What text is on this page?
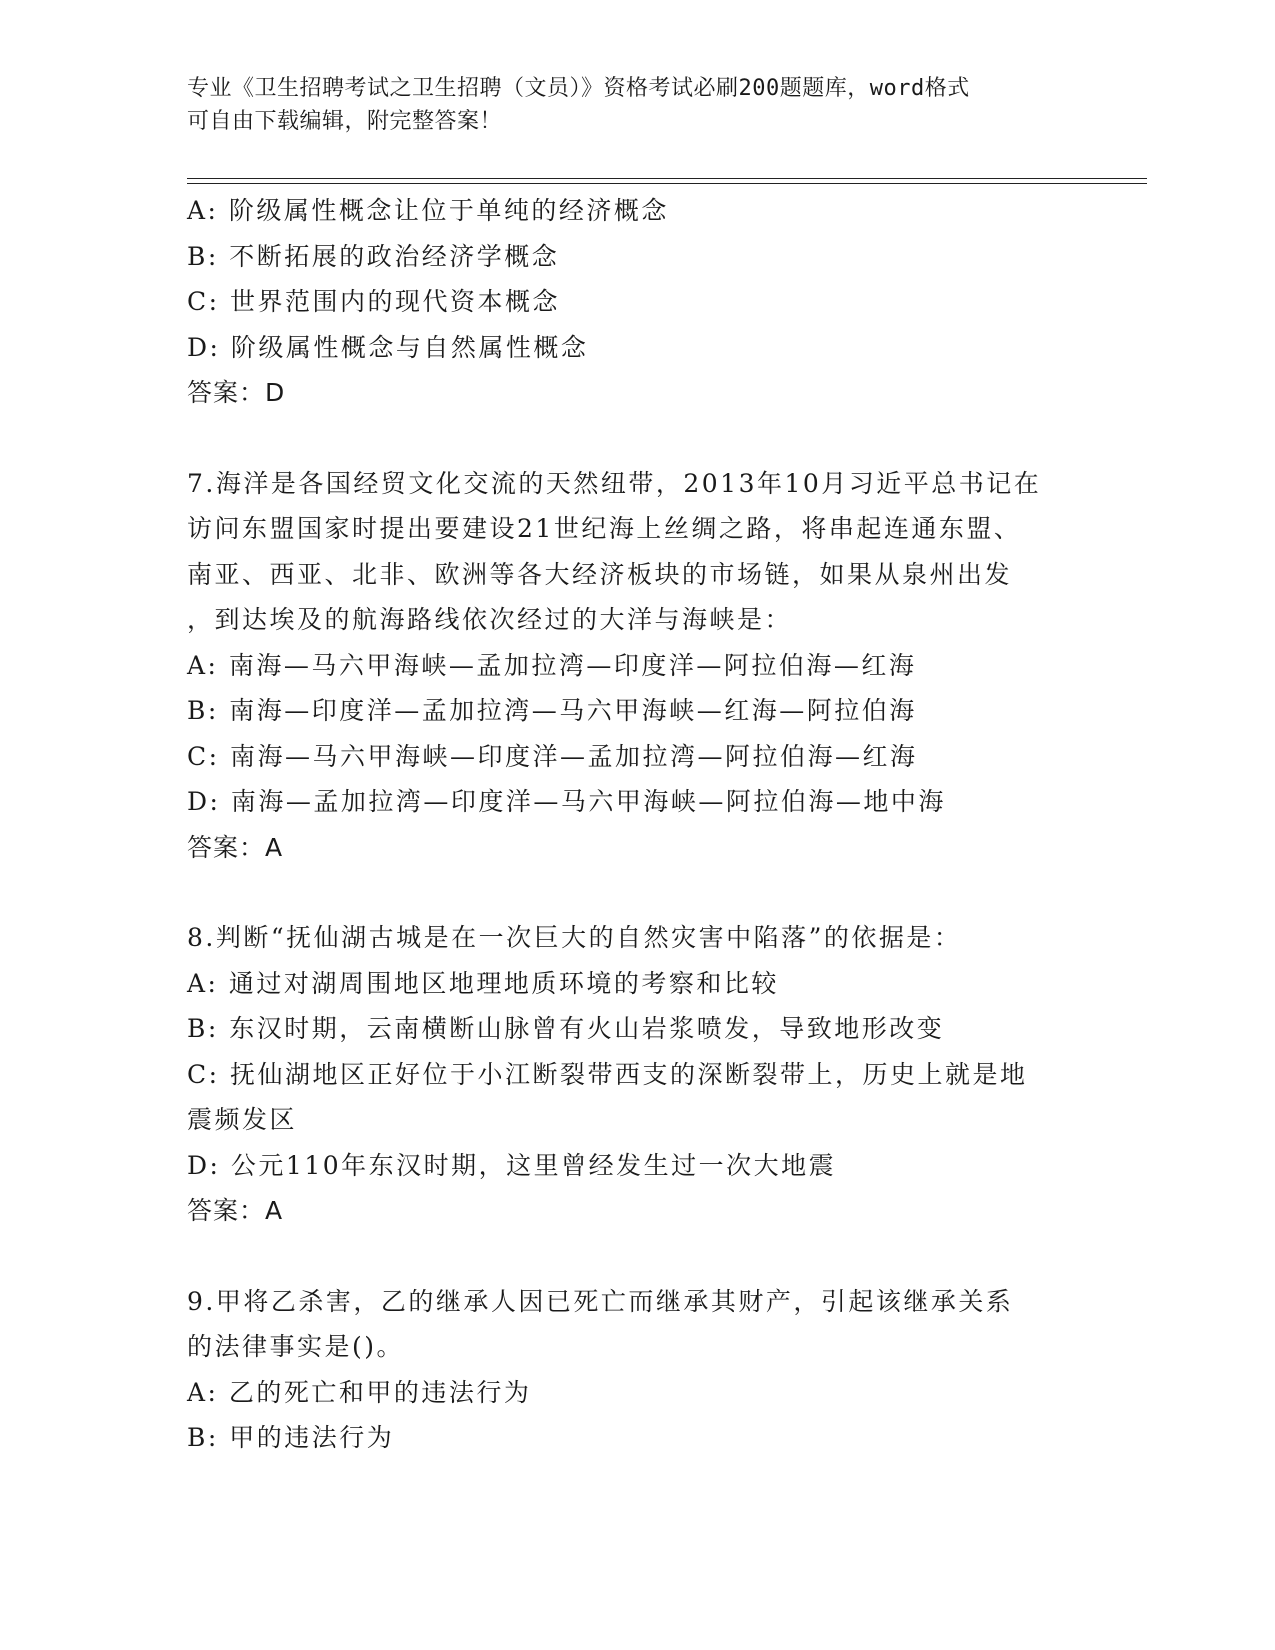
专业《卫生招聘考试之卫生招聘（文员）》资格考试必刷200题题库，word格式
可自由下载编辑，附完整答案！
A: 阶级属性概念让位于单纯的经济概念
B: 不断拓展的政治经济学概念
C: 世界范围内的现代资本概念
D: 阶级属性概念与自然属性概念
答案：D
7.海洋是各国经贸文化交流的天然纽带，2013年10月习近平总书记在
访问东盟国家时提出要建设21世纪海上丝绸之路，将串起连通东盟、
南亚、西亚、北非、欧洲等各大经济板块的市场链，如果从泉州出发
，到达埃及的航海路线依次经过的大洋与海峡是：
A: 南海—马六甲海峡—孟加拉湾—印度洋—阿拉伯海—红海
B: 南海—印度洋—孟加拉湾—马六甲海峡—红海—阿拉伯海
C: 南海—马六甲海峡—印度洋—孟加拉湾—阿拉伯海—红海
D: 南海—孟加拉湾—印度洋—马六甲海峡—阿拉伯海—地中海
答案：A
8.判断“抚仙湖古城是在一次巨大的自然灾害中陷落”的依据是：
A: 通过对湖周围地区地理地质环境的考察和比较
B: 东汉时期，云南横断山脉曾有火山岩浆喷发，导致地形改变
C: 抚仙湖地区正好位于小江断裂带西支的深断裂带上，历史上就是地
震频发区
D: 公元110年东汉时期，这里曾经发生过一次大地震
答案：A
9.甲将乙杀害，乙的继承人因已死亡而继承其财产，引起该继承关系
的法律事实是()。
A: 乙的死亡和甲的违法行为
B: 甲的违法行为
